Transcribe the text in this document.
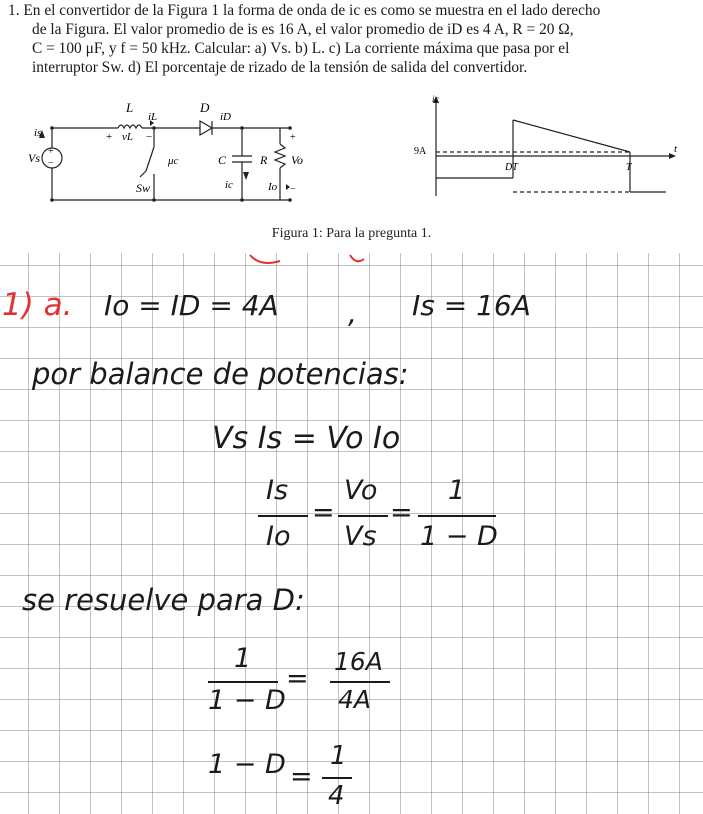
1. En el convertidor de la Figura 1 la forma de onda de ic es como se muestra en el lado derecho
de la Figura. El valor promedio de is es 16 A, el valor promedio de iD es 4 A, R = 20 Ω,
C = 100 μF, y f = 50 kHz. Calcular: a) Vs. b) L. c) La corriente máxima que pasa por el
interruptor Sw. d) El porcentaje de rizado de la tensión de salida del convertidor.
+
−
Vs
is
L
iL
+ vL −
D
iD
μc
Sw
C
ic
R
+
Vo
−
Io
ic
t
9A
DT	T
Figura 1: Para la pregunta 1.
1) a. Io = ID = 4A , Is = 16A
por balance de potencias:
Vs Is = Vo Io
Is
Io
=
Vo
Vs
=
1
1 − D
se resuelve para D:
1
1 − D
=
16A
4A
1 − D =
1
4
